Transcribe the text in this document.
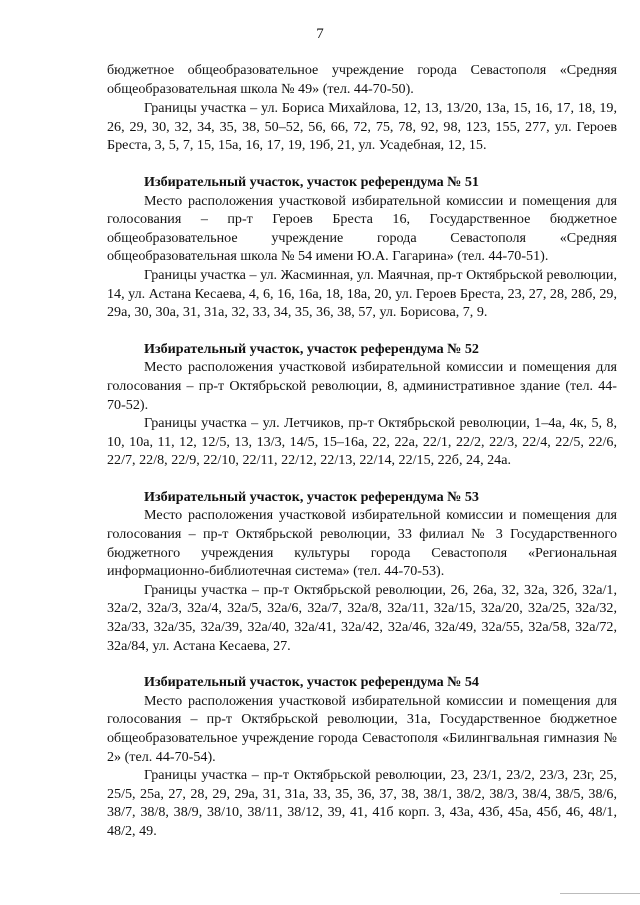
7

бюджетное общеобразовательное учреждение города Севастополя «Средняя общеобразовательная школа № 49» (тел. 44-70-50).

Границы участка – ул. Бориса Михайлова, 12, 13, 13/20, 13а, 15, 16, 17, 18, 19, 26, 29, 30, 32, 34, 35, 38, 50–52, 56, 66, 72, 75, 78, 92, 98, 123, 155, 277, ул. Героев Бреста, 3, 5, 7, 15, 15а, 16, 17, 19, 19б, 21, ул. Усадебная, 12, 15.

Избирательный участок, участок референдума № 51

Место расположения участковой избирательной комиссии и помещения для голосования – пр-т Героев Бреста 16, Государственное бюджетное общеобразовательное учреждение города Севастополя «Средняя общеобразовательная школа № 54 имени Ю.А. Гагарина» (тел. 44-70-51).

Границы участка – ул. Жасминная, ул. Маячная, пр-т Октябрьской революции, 14, ул. Астана Кесаева, 4, 6, 16, 16а, 18, 18а, 20, ул. Героев Бреста, 23, 27, 28, 28б, 29, 29а, 30, 30а, 31, 31а, 32, 33, 34, 35, 36, 38, 57, ул. Борисова, 7, 9.

Избирательный участок, участок референдума № 52

Место расположения участковой избирательной комиссии и помещения для голосования – пр-т Октябрьской революции, 8, административное здание (тел. 44-70-52).

Границы участка – ул. Летчиков, пр-т Октябрьской революции, 1–4а, 4к, 5, 8, 10, 10а, 11, 12, 12/5, 13, 13/3, 14/5, 15–16а, 22, 22а, 22/1, 22/2, 22/3, 22/4, 22/5, 22/6, 22/7, 22/8, 22/9, 22/10, 22/11, 22/12, 22/13, 22/14, 22/15, 22б, 24, 24а.

Избирательный участок, участок референдума № 53

Место расположения участковой избирательной комиссии и помещения для голосования – пр-т Октябрьской революции, 33 филиал № 3 Государственного бюджетного учреждения культуры города Севастополя «Региональная информационно-библиотечная система» (тел. 44-70-53).

Границы участка – пр-т Октябрьской революции, 26, 26а, 32, 32а, 32б, 32а/1, 32а/2, 32а/3, 32а/4, 32а/5, 32а/6, 32а/7, 32а/8, 32а/11, 32а/15, 32а/20, 32а/25, 32а/32, 32а/33, 32а/35, 32а/39, 32а/40, 32а/41, 32а/42, 32а/46, 32а/49, 32а/55, 32а/58, 32а/72, 32а/84, ул. Астана Кесаева, 27.

Избирательный участок, участок референдума № 54

Место расположения участковой избирательной комиссии и помещения для голосования – пр-т Октябрьской революции, 31а, Государственное бюджетное общеобразовательное учреждение города Севастополя «Билингвальная гимназия № 2» (тел. 44-70-54).

Границы участка – пр-т Октябрьской революции, 23, 23/1, 23/2, 23/3, 23г, 25, 25/5, 25а, 27, 28, 29, 29а, 31, 31а, 33, 35, 36, 37, 38, 38/1, 38/2, 38/3, 38/4, 38/5, 38/6, 38/7, 38/8, 38/9, 38/10, 38/11, 38/12, 39, 41, 41б корп. 3, 43а, 43б, 45а, 45б, 46, 48/1, 48/2, 49.
